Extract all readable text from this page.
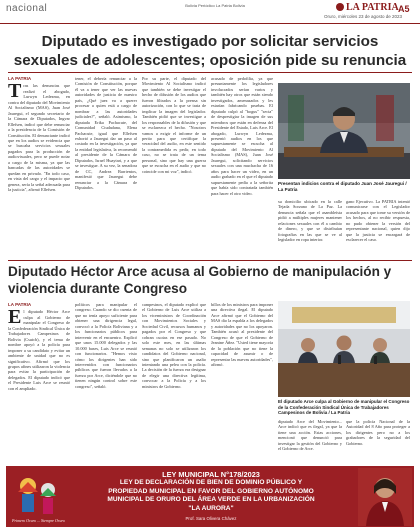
nacional	Bolivia Periódico La Patria Bolivia	LA PATRIA
Oruro, miércoles 23 de agosto de 2023
A5
Diputado es investigado por solicitar servicios sexuales de adolescentes; oposición pide su renuncia
LA PATRIA
T ras las denuncias que realizó el abogado, Lurwyn Ledezma, en contra del diputado del Movimiento Al Socialismo (MAS), Juan José Jauregui, el segundo secretario de la Cámara de Diputados, Ingvar Ellefsen, indicó que debe renunciar a la presidencia de la Comisión de Constitución. El denunciante indicó que en los audios se evidencia que se buscaba servicios sexuales pagados para la producción de audiovisuales, pero se puede notar a cargo de la misma, ya que las bancadas de las autoridades se quedan en privado. "En todo caso, en vista del cargo y el impacto que genera, sería la señal adecuada para la justicia", afirmó Ellefsen.
tener, el debería renunciar a la Comisión de Constitución, porque él va a tener que ver las nuevas autoridades de justicia de nuestro país, ¿Qué juez va a querer procesar a quien está a cargo de nombrar a las autoridades judiciales?", señaló. Asimismo, la diputada Erika Pachacute, del Comunidad Ciudadana, Elena Pachacute, igual que Ellefsen exhortó a Jauregui dar un paso al costado en la investigación, ya que la entidad legislativa, la recomendó al presidente de la Cámara de Diputados, Israel Huaytari, y a que se investigue. A su vez, la senadora de CC, Andrea Barrientos, manifestó que Jauregui debe renunciar a la Cámara de Diputados.
Por su parte, el diputado del Movimiento Al Socialismo indicó que también se debe investigar el hecho de difusión de los audios que fueron filtrados a la prensa sin autorización, con lo que se trata de implicar la imagen del legislador. También pidió que se investigue a los responsables de la difusión y que se esclarezca el hecho. "Nosotros vamos a exigir el informe de un perito para que certifique la veracidad del audio, en este sentido la contramedida es pedir, en todo caso, no se trata de un tema personal, sino que hay una guerra que se escucha en el audio y que no coincide con mi voz", indicó.
acusado de pedofilia, ya que presuntamente los legisladores involucrados serían varios y también hay otros que están siendo investigados, amenazados y les estarían fabricando pruebas. El diputado culpó al "bogus" "secta" de desprestigiar la imagen de sus miembros que están en defensa del Presidente del Estado, Luis Arce. El abogado, Lurwyn Ledezma, presentó audios en los que supuestamente se escucha al diputado del Movimiento Al Socialismo (MAS), Juan José Jauregui, solicitando servicios sexuales con una muchacha de 16 años para hacer un video, en un audio grabado en el que el diputado supuestamente pedía a la señorita que había sido contratada también para hacer el otro video.
Presentan indicios contra el diputado Juan José Jauregui / La Patria
su domicilio ubicado en la calle Tejada Sorzano de La Paz. La denuncia señala que el asambleísta pidió a múltiples mujeres mantener relaciones sexuales con él a cambio de dinero, y que se distribuían fotografías en las que se ve al legislador en ropa interior.
gano Ejecutivo. La PATRIA intentó comunicarse con el Legislador acusado para que tome su versión de los hechos, al no recibir respuesta, no pudo obtener la versión del representante nacional, quien dijo que la justicia se encargará de esclarecer el caso.
Diputado Héctor Arce acusa al Gobierno de manipulación y violencia durante Congreso
LA PATRIA
E l diputado Héctor Arce culpa al Gobierno de manipular el Congreso de la Confederación Sindical Única de Trabajadores Campesinos de Bolivia (Csutcb), y el tema de nombre apoyó a la policía para imponer a su candidato y evitar un ambiente de unidad que no es significativo. Afirmó que los grupos afines utilizaron la violencia para evitar la participación de delegados. El diputado indicó que el Presidente Luis Arce se reunió con el ampliado.
políticos para manipular el congreso. Cuando se dio cuenta de que no tenía apoyo suficiente para obtener una dirigencia legal, convocó a la Policía Boliviana y a los funcionarios públicos para intervenir en el encuentro. Explicó que unos 15.000 delegados y las 10.000 bases, Luis Arce se reunió con funcionarios. "Hemos visto cómo los dirigentes han sido intervenidos con funcionarios públicos que fueron llevados a la fuerza por Arce, diciéndole que no tienen ningún control sobre este congreso", señaló.
campesinos, el diputado explicó que el Gobierno de Luis Arce utiliza a los viceministros de Coordinación con Movimientos Sociales y Sociedad Civil, recursos humanos y pagados por el Congreso y que cobran cuotas en ese pasado. No solo este mes, en las últimas semanas no solo se utilizaron los candidatos del Gobierno nacional, sino que planificaron un asalto intentando una pelea con la policía. La decisión de la fuerza era designar de elegir una directiva legítima, convocar a la Policía y a los ministros de Gobierno.
billos de los ministros para imponer una directiva ilegal. El diputado Arce afirmó que el Gobierno del MAS dio la espalda a los delegados y autoridades que no los apoyaron. También acusó al presidente del Congreso de que el Gobierno de Jeanine Áñez. "Usted tiene mayoría de la población que no tiene la capacidad de asumir o de representar las nuevas autoridades", afirmó.
El diputado Arce culpa al Gobierno de manipular el Congreso de la Confederación Sindical Única de Trabajadores Campesinos de Bolivia / La Patria
diputado Arce del Movimiento... Arce indicó que es ilegal, ya que la tiene una acción. Estas acciones, mencionó que denunció para investigar la gestión del Gobierno y el Gobierno de Arce.
que la policía Nacional de la Autoridad del 8 Año para proteger a los dirigentes pero no a los grabadores de la seguridad del Gobierno.
Primero Oruro ... Siempre Oruro
LEY MUNICIPAL N°178/2023
LEY DE DECLARACIÓN DE BIEN DE DOMINIO PÚBLICO Y
PROPIEDAD MUNICIPAL EN FAVOR DEL GOBIERNO AUTÓNOMO
MUNICIPAL DE ORURO DEL ÁREA VERDE EN LA URBANIZACIÓN
"LA AURORA"
Prof. Sara Olivera Chávez
